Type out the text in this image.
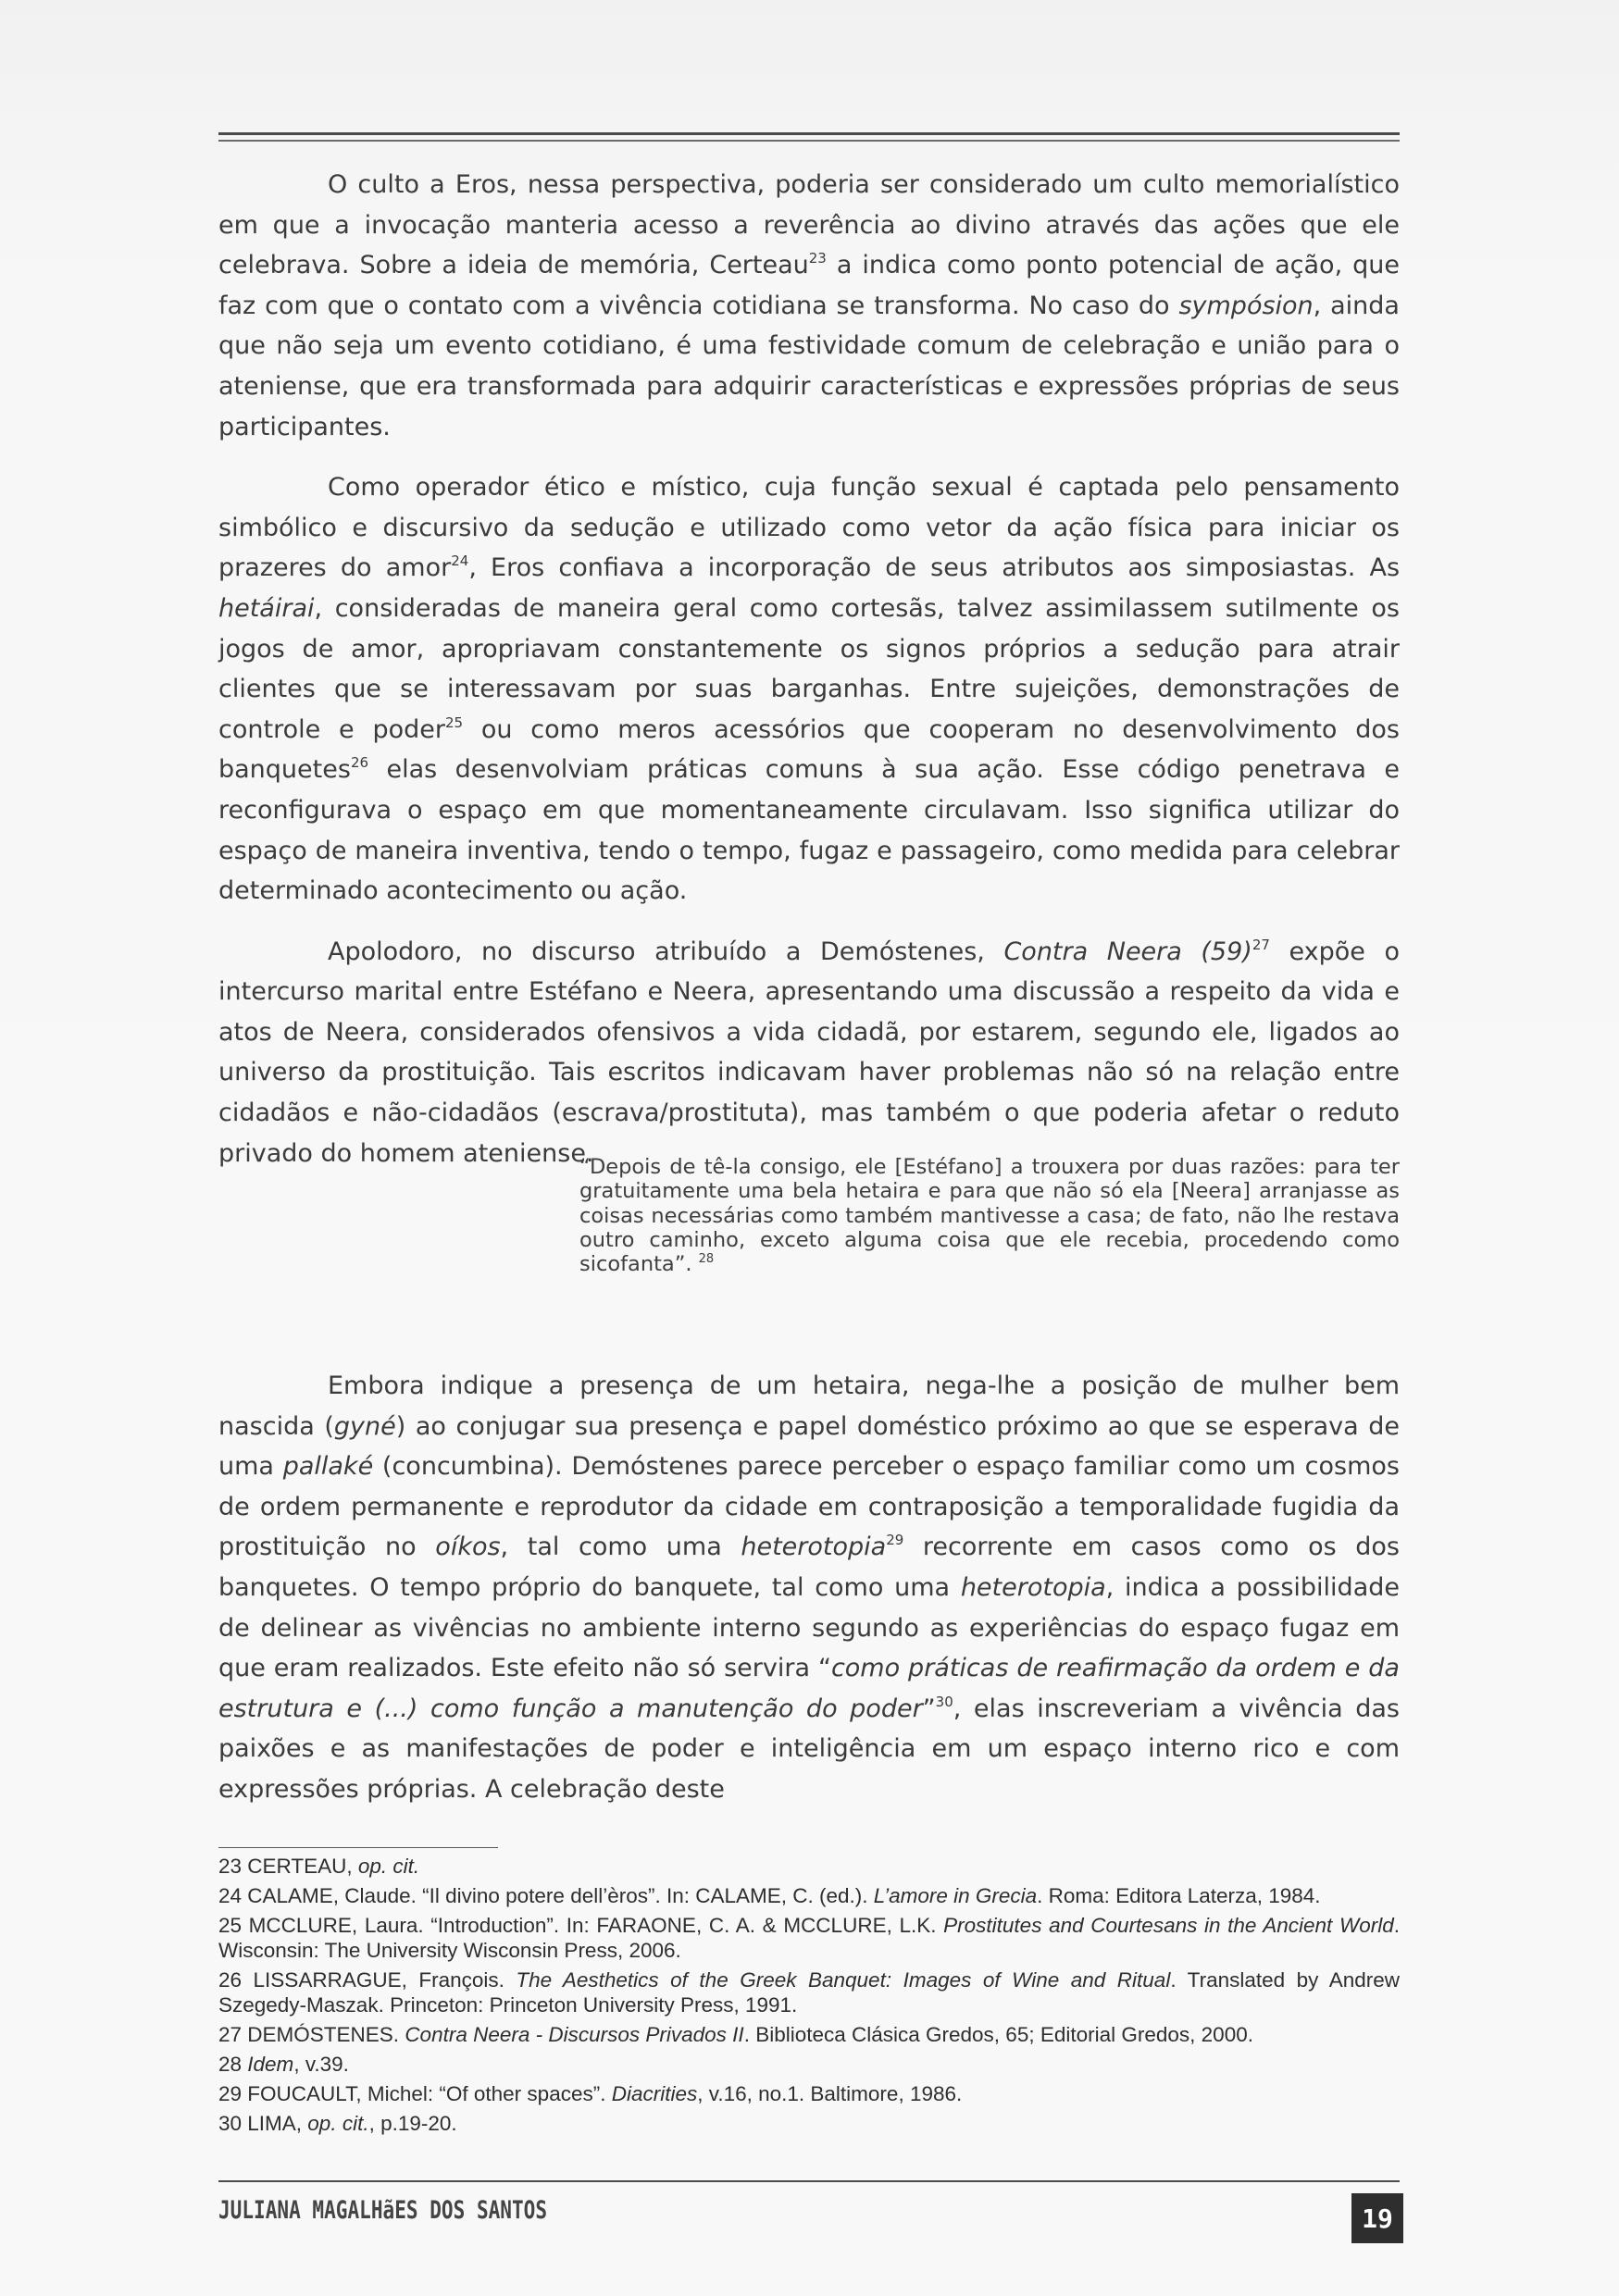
O culto a Eros, nessa perspectiva, poderia ser considerado um culto memorialístico em que a invocação manteria acesso a reverência ao divino através das ações que ele celebrava. Sobre a ideia de memória, Certeau$^{23}$ a indica como ponto potencial de ação, que faz com que o contato com a vivência cotidiana se transforma. No caso do sympósion, ainda que não seja um evento cotidiano, é uma festividade comum de celebração e união para o ateniense, que era transformada para adquirir características e expressões próprias de seus participantes.

Como operador ético e místico, cuja função sexual é captada pelo pensamento simbólico e discursivo da sedução e utilizado como vetor da ação física para iniciar os prazeres do amor$^{24}$, Eros confiava a incorporação de seus atributos aos simposiastas. As hetáirai, consideradas de maneira geral como cortesãs, talvez assimilassem sutilmente os jogos de amor, apropriavam constantemente os signos próprios a sedução para atrair clientes que se interessavam por suas barganhas. Entre sujeições, demonstrações de controle e poder$^{25}$ ou como meros acessórios que cooperam no desenvolvimento dos banquetes$^{26}$ elas desenvolviam práticas comuns à sua ação. Esse código penetrava e reconfigurava o espaço em que momentaneamente circulavam. Isso significa utilizar do espaço de maneira inventiva, tendo o tempo, fugaz e passageiro, como medida para celebrar determinado acontecimento ou ação.

Apolodoro, no discurso atribuído a Demóstenes, Contra Neera $(59)^{27}$ expõe o intercurso marital entre Estéfano e Neera, apresentando uma discussão a respeito da vida e atos de Neera, considerados ofensivos a vida cidadã, por estarem, segundo ele, ligados ao universo da prostituição. Tais escritos indicavam haver problemas não só na relação entre cidadãos e não-cidadãos (escrava/prostituta), mas também o que poderia afetar o reduto privado do homem ateniense.

“Depois de tê-la consigo, ele [Estéfano] a trouxera por duas razões: para ter gratuitamente uma bela hetaira e para que não só ela [Neera] arranjasse as coisas necessárias como também mantivesse a casa; de fato, não lhe restava outro caminho, exceto alguma coisa que ele recebia, procedendo como sicofanta”. $^{28}$

Embora indique a presença de um hetaira, nega-lhe a posição de mulher bem nascida (gyné) ao conjugar sua presença e papel doméstico próximo ao que se esperava de uma pallaké (concumbina). Demóstenes parece perceber o espaço familiar como um cosmos de ordem permanente e reprodutor da cidade em contraposição a temporalidade fugidia da prostituição no oíkos, tal como uma heterotopia$^{29}$ recorrente em casos como os dos banquetes. O tempo próprio do banquete, tal como uma heterotopia, indica a possibilidade de delinear as vivências no ambiente interno segundo as experiências do espaço fugaz em que eram realizados. Este efeito não só servira “como práticas de reafirmação da ordem e da estrutura e (...) como função a manutenção do poder”$^{30}$, elas inscreveriam a vivência das paixões e as manifestações de poder e inteligência em um espaço interno rico e com expressões próprias. A celebração deste

23 CERTEAU, op. cit.

24 CALAME, Claude. “Il divino potere dell’èros”. In: CALAME, C. (ed.). L’amore in Grecia. Roma: Editora Laterza, 1984.

25 MCCLURE, Laura. “Introduction”. In: FARAONE, C. A. & MCCLURE, L.K. Prostitutes and Courtesans in the Ancient World. Wisconsin: The University Wisconsin Press, 2006.

26 LISSARRAGUE, François. The Aesthetics of the Greek Banquet: Images of Wine and Ritual. Translated by Andrew Szegedy-Maszak. Princeton: Princeton University Press, 1991.

27 DEMÓSTENES. Contra Neera - Discursos Privados II. Biblioteca Clásica Gredos, 65; Editorial Gredos, 2000.

28 Idem, v.39.

29 FOUCAULT, Michel: “Of other spaces”. Diacrities, v.16, no.1. Baltimore, 1986.

30 LIMA, op. cit., p.19-20.

JULIANA MAGALHãES DOS SANTOS	19
